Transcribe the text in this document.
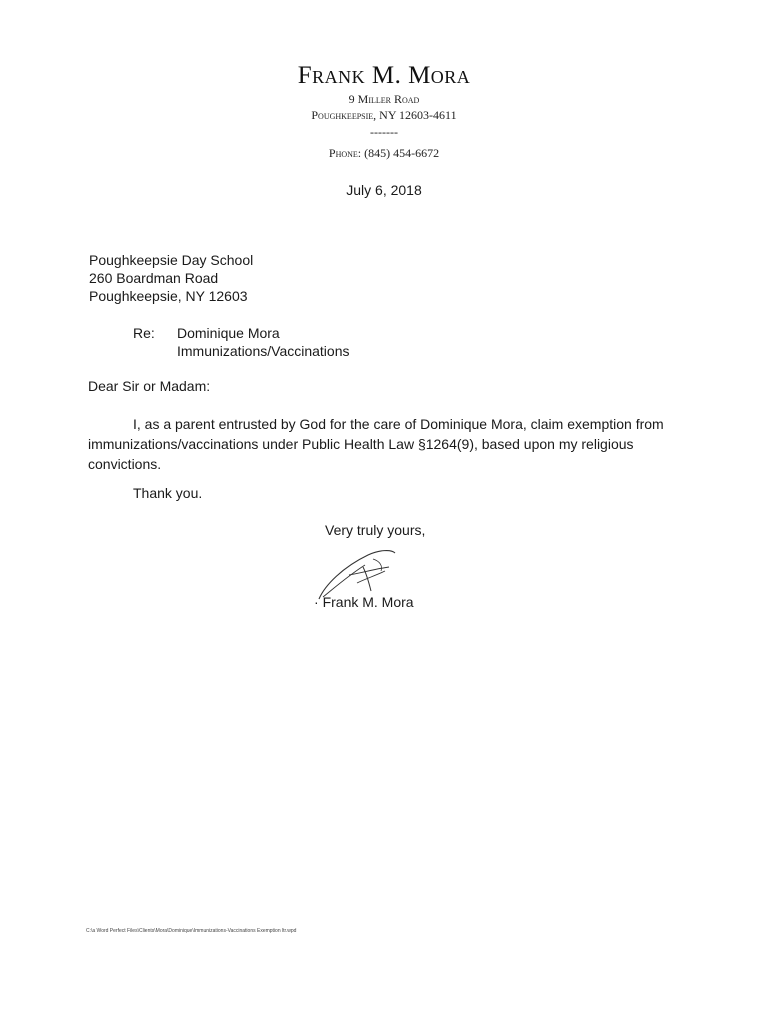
Frank M. Mora
9 Miller Road
Poughkeepsie, NY 12603-4611
-------
Phone: (845) 454-6672
July 6, 2018
Poughkeepsie Day School
260 Boardman Road
Poughkeepsie, NY 12603
Re: Dominique Mora
Immunizations/Vaccinations
Dear Sir or Madam:
I, as a parent entrusted by God for the care of Dominique Mora, claim exemption from immunizations/vaccinations under Public Health Law §1264(9), based upon my religious convictions.
Thank you.
Very truly yours,
· Frank M. Mora
C:\a Word Perfect Files\Clients\Mora\Dominique\Immunizations-Vaccinations Exemption ltr.wpd
